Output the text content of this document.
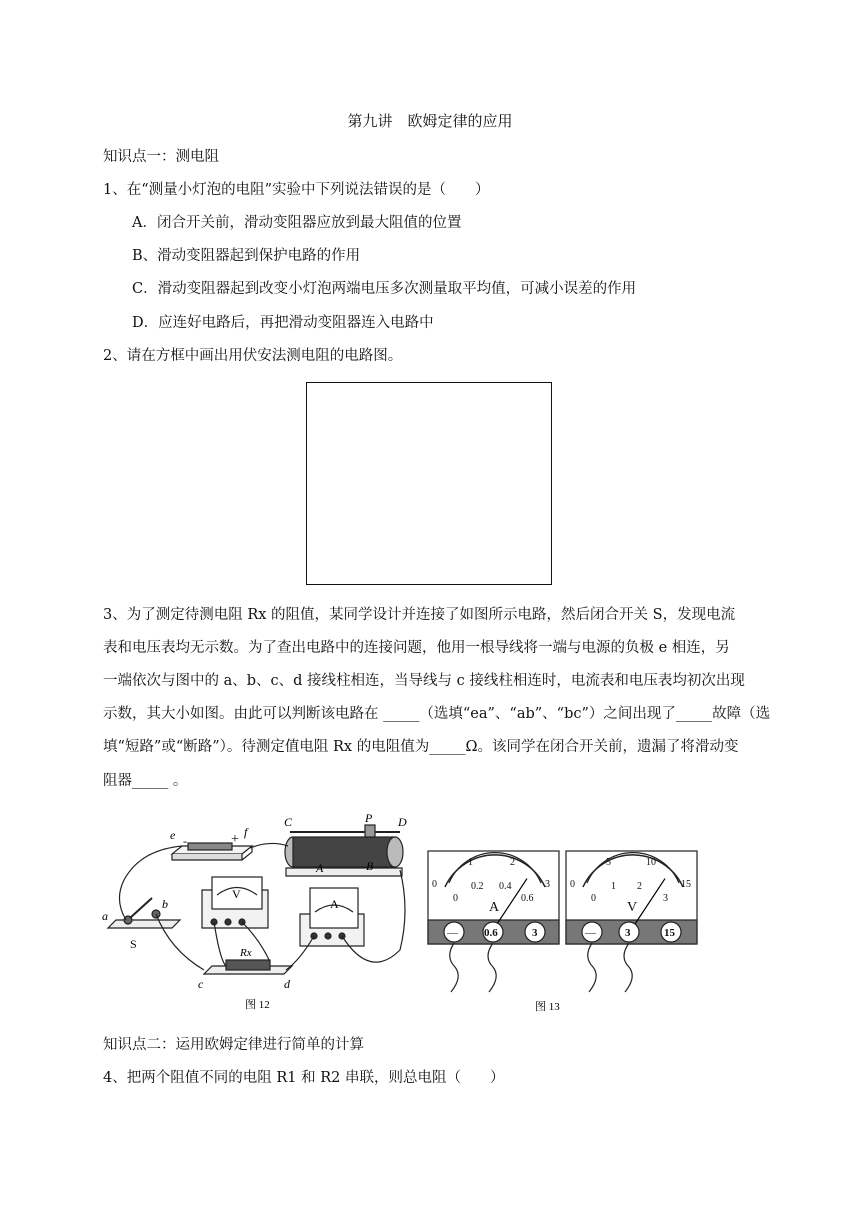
第九讲　欧姆定律的应用
知识点一：测电阻
1、在“测量小灯泡的电阻”实验中下列说法错误的是（　　）
A．闭合开关前，滑动变阻器应放到最大阻值的位置
B、滑动变阻器起到保护电路的作用
C．滑动变阻器起到改变小灯泡两端电压多次测量取平均值，可减小误差的作用
D．应连好电路后，再把滑动变阻器连入电路中
2、请在方框中画出用伏安法测电阻的电路图。
3、为了测定待测电阻 Rx 的阻值，某同学设计并连接了如图所示电路，然后闭合开关 S，发现电流
表和电压表均无示数。为了查出电路中的连接问题，他用一根导线将一端与电源的负极 e 相连，另
一端依次与图中的 a、b、c、d 接线柱相连，当导线与 c 接线柱相连时，电流表和电压表均初次出现
示数，其大小如图。由此可以判断该电路在 _____（选填“ea”、“ab”、“bc”）之间出现了_____故障（选
填“短路”或“断路”）。待测定值电阻 Rx 的电阻值为_____Ω。该同学在闭合开关前，遗漏了将滑动变
阻器_____ 。
e -	+ f
C	P D
A	B
V
A
a
b
S
Rx
c	d
图 12
0
1	2
3
0
0.2 0.4
0.6
A
— 0.6	3
0
5	10
15
0
1 2
3
V
—	3	15
图 13
知识点二：运用欧姆定律进行简单的计算
4、把两个阻值不同的电阻 R1 和 R2 串联，则总电阻（　　）
